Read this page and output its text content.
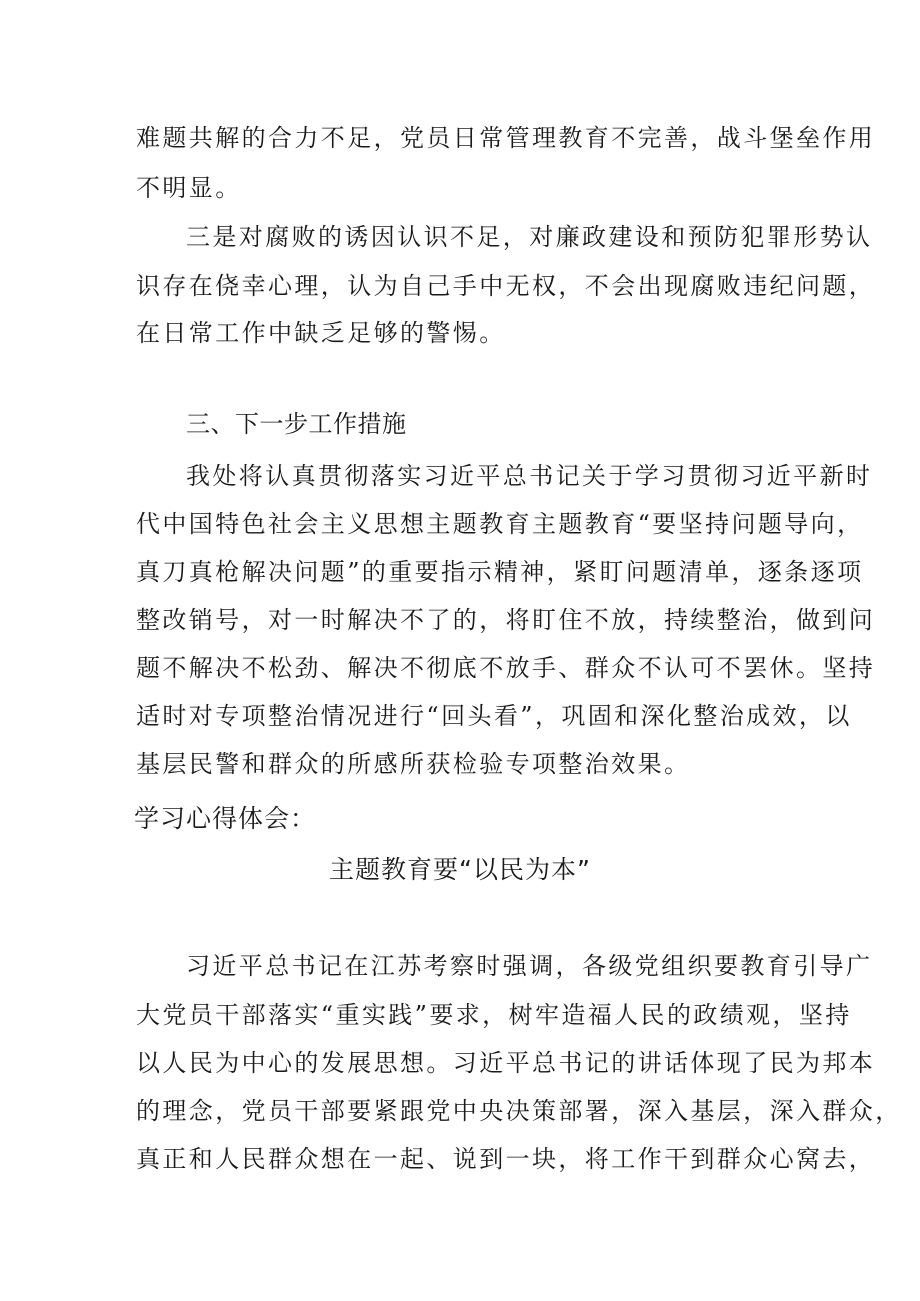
难题共解的合力不足，党员日常管理教育不完善，战斗堡垒作用
不明显。
三是对腐败的诱因认识不足，对廉政建设和预防犯罪形势认
识存在侥幸心理，认为自己手中无权，不会出现腐败违纪问题，
在日常工作中缺乏足够的警惕。
三、下一步工作措施
我处将认真贯彻落实习近平总书记关于学习贯彻习近平新时
代中国特色社会主义思想主题教育主题教育“要坚持问题导向，
真刀真枪解决问题”的重要指示精神，紧盯问题清单，逐条逐项
整改销号，对一时解决不了的，将盯住不放，持续整治，做到问
题不解决不松劲、解决不彻底不放手、群众不认可不罢休。坚持
适时对专项整治情况进行“回头看”，巩固和深化整治成效，以
基层民警和群众的所感所获检验专项整治效果。
学习心得体会：
主题教育要“以民为本”
习近平总书记在江苏考察时强调，各级党组织要教育引导广
大党员干部落实“重实践”要求，树牢造福人民的政绩观，坚持
以人民为中心的发展思想。习近平总书记的讲话体现了民为邦本
的理念，党员干部要紧跟党中央决策部署，深入基层，深入群众，
真正和人民群众想在一起、说到一块，将工作干到群众心窝去，
